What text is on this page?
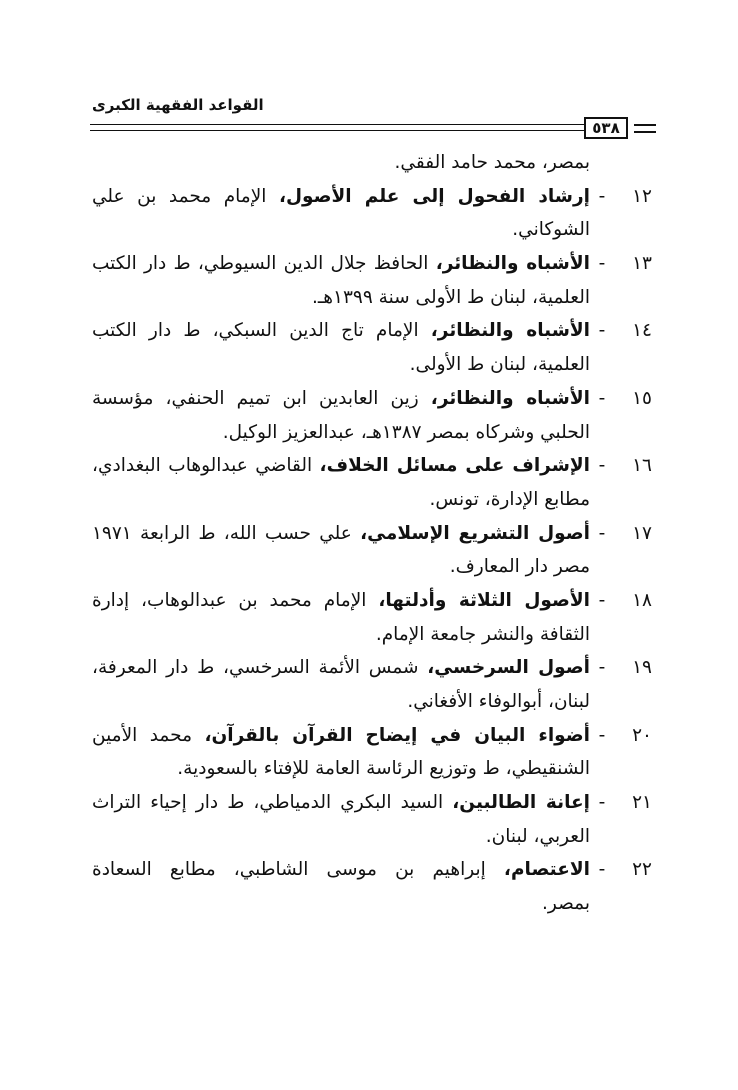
القواعد الفقهية الكبرى
٥٣٨

بمصر، محمد حامد الفقي.

١٢
-
إرشاد الفحول إلى علم الأصول، الإمام محمد بن علي

الشوكاني.

١٣
-
الأشباه والنظائر، الحافظ جلال الدين السيوطي، ط دار الكتب

العلمية، لبنان ط الأولى سنة ١٣٩٩هـ.

١٤
-
الأشباه والنظائر، الإمام تاج الدين السبكي، ط دار الكتب

العلمية، لبنان ط الأولى.

١٥
-
الأشباه والنظائر، زين العابدين ابن تميم الحنفي، مؤسسة

الحلبي وشركاه بمصر ١٣٨٧هـ، عبدالعزيز الوكيل.

١٦
-
الإشراف على مسائل الخلاف، القاضي عبدالوهاب البغدادي،

مطابع الإدارة، تونس.

١٧
-
أصول التشريع الإسلامي، علي حسب الله، ط الرابعة ١٩٧١

مصر دار المعارف.

١٨
-
الأصول الثلاثة وأدلتها، الإمام محمد بن عبدالوهاب، إدارة

الثقافة والنشر جامعة الإمام.

١٩
-
أصول السرخسي، شمس الأئمة السرخسي، ط دار المعرفة،

لبنان، أبوالوفاء الأفغاني.

٢٠
-
أضواء البيان في إيضاح القرآن بالقرآن، محمد الأمين

الشنقيطي، ط وتوزيع الرئاسة العامة للإفتاء بالسعودية.

٢١
-
إعانة الطالبين، السيد البكري الدمياطي، ط دار إحياء التراث

العربي، لبنان.

٢٢
-
الاعتصام، إبراهيم بن موسى الشاطبي، مطابع السعادة

بمصر.
